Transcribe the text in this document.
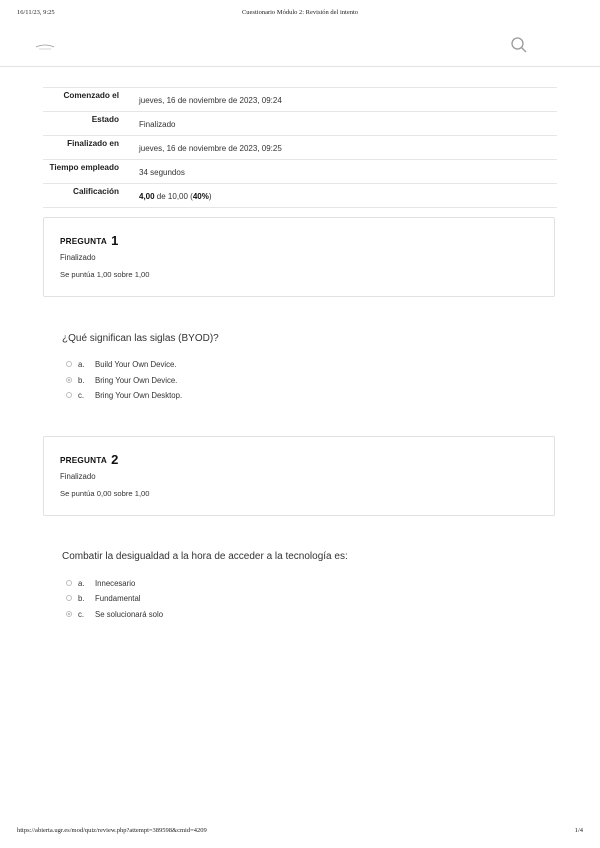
16/11/23, 9:25	Cuestionario Módulo 2: Revisión del intento
Comenzado el	jueves, 16 de noviembre de 2023, 09:24
Estado	Finalizado
Finalizado en	jueves, 16 de noviembre de 2023, 09:25
Tiempo empleado	34 segundos
Calificación	4,00 de 10,00 (40%)
PREGUNTA 1
Finalizado
Se puntúa 1,00 sobre 1,00
¿Qué significan las siglas (BYOD)?
a. Build Your Own Device.
b. Bring Your Own Device.
c. Bring Your Own Desktop.
PREGUNTA 2
Finalizado
Se puntúa 0,00 sobre 1,00
Combatir la desigualdad a la hora de acceder a la tecnología es:
a. Innecesario
b. Fundamental
c. Se solucionará solo
https://abierta.ugr.es/mod/quiz/review.php?attempt=389598&cmid=4209	1/4
